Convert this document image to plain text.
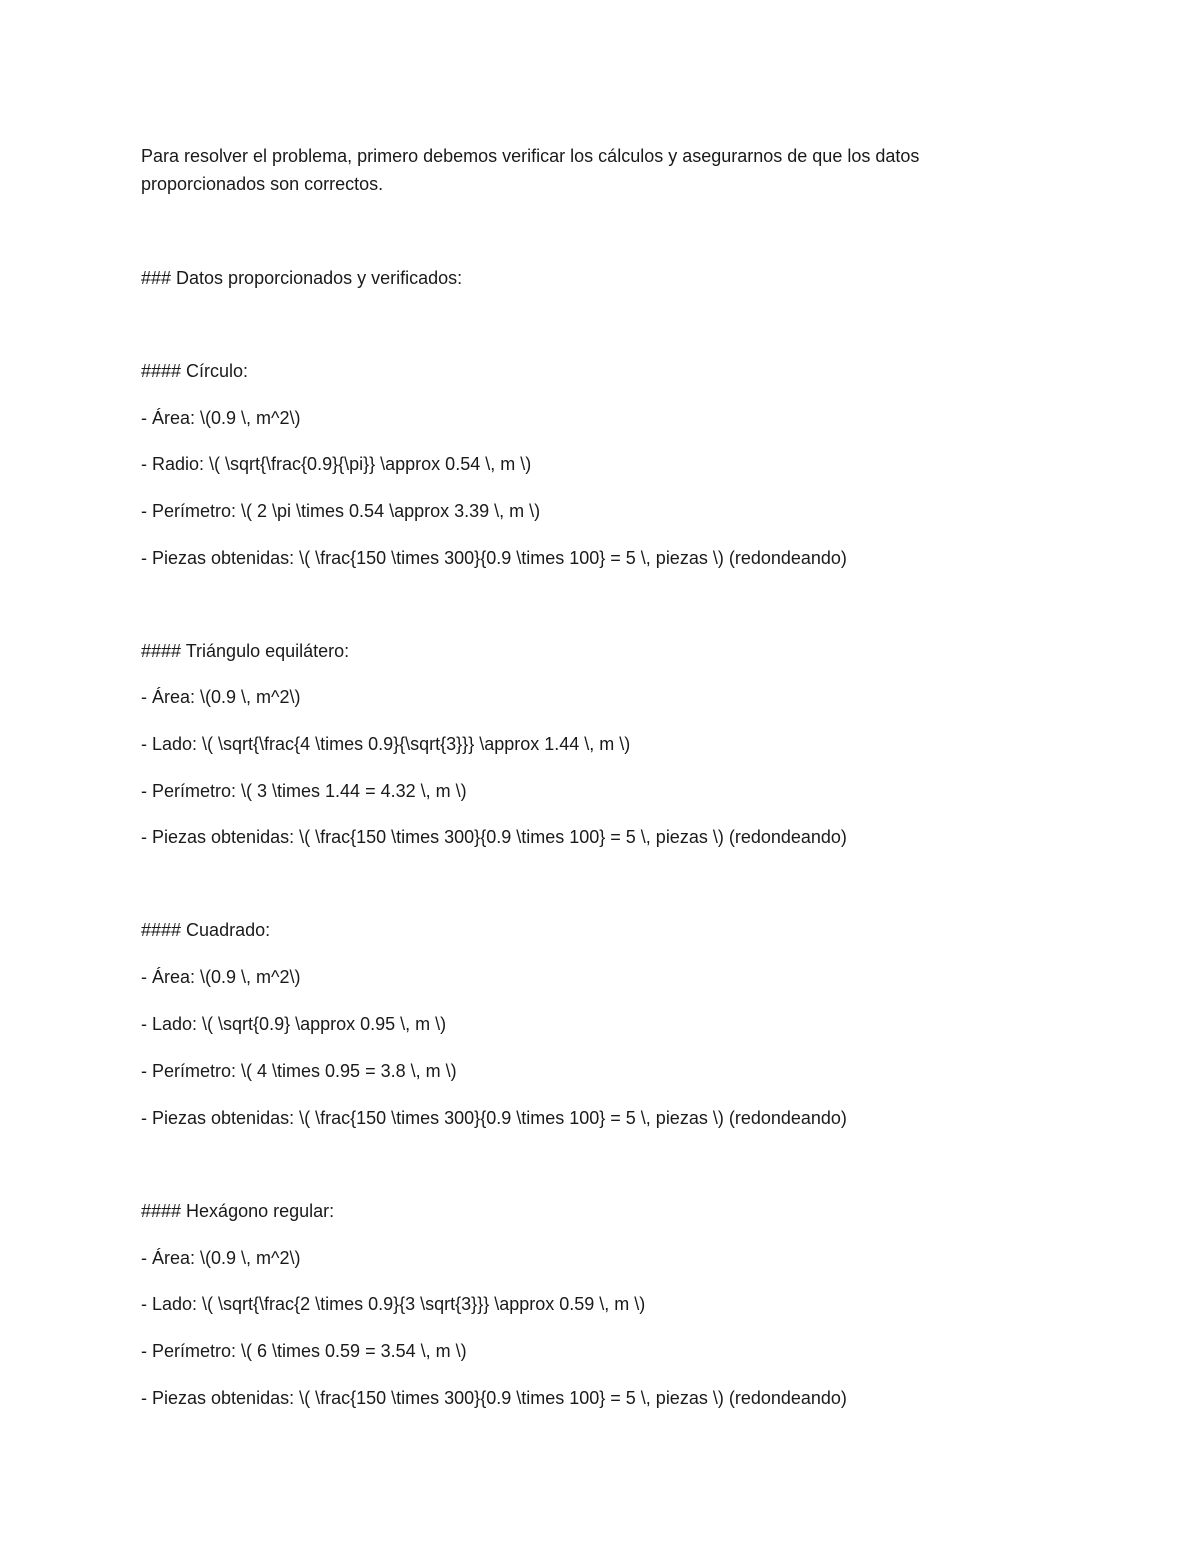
Para resolver el problema, primero debemos verificar los cálculos y asegurarnos de que los datos
proporcionados son correctos.
### Datos proporcionados y verificados:
#### Círculo:
- Área: \(0.9 \, m^2\)
- Radio: \( \sqrt{\frac{0.9}{\pi}} \approx 0.54 \, m \)
- Perímetro: \( 2 \pi \times 0.54 \approx 3.39 \, m \)
- Piezas obtenidas: \( \frac{150 \times 300}{0.9 \times 100} = 5 \, piezas \) (redondeando)
#### Triángulo equilátero:
- Área: \(0.9 \, m^2\)
- Lado: \( \sqrt{\frac{4 \times 0.9}{\sqrt{3}}} \approx 1.44 \, m \)
- Perímetro: \( 3 \times 1.44 = 4.32 \, m \)
- Piezas obtenidas: \( \frac{150 \times 300}{0.9 \times 100} = 5 \, piezas \) (redondeando)
#### Cuadrado:
- Área: \(0.9 \, m^2\)
- Lado: \( \sqrt{0.9} \approx 0.95 \, m \)
- Perímetro: \( 4 \times 0.95 = 3.8 \, m \)
- Piezas obtenidas: \( \frac{150 \times 300}{0.9 \times 100} = 5 \, piezas \) (redondeando)
#### Hexágono regular:
- Área: \(0.9 \, m^2\)
- Lado: \( \sqrt{\frac{2 \times 0.9}{3 \sqrt{3}}} \approx 0.59 \, m \)
- Perímetro: \( 6 \times 0.59 = 3.54 \, m \)
- Piezas obtenidas: \( \frac{150 \times 300}{0.9 \times 100} = 5 \, piezas \) (redondeando)
